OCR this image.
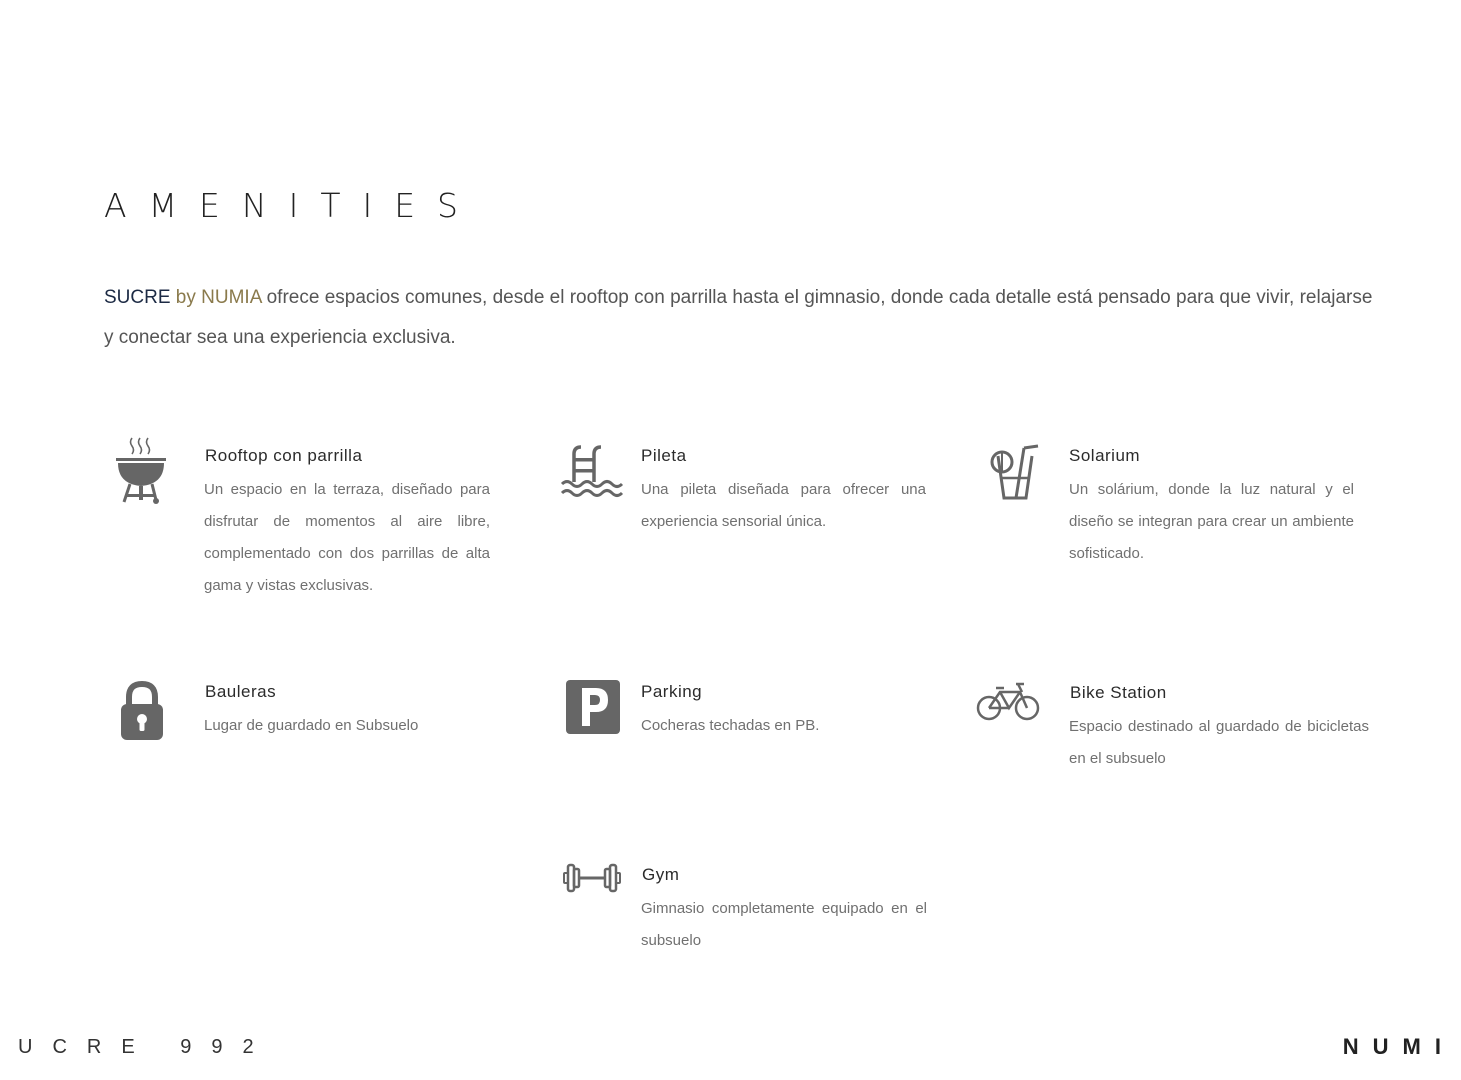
AMENITIES
SUCRE by NUMIA ofrece espacios comunes, desde el rooftop con parrilla hasta el gimnasio, donde cada detalle está pensado para que vivir, relajarse y conectar sea una experiencia exclusiva.
Rooftop con parrilla
Un espacio en la terraza, diseñado para disfrutar de momentos al aire libre, complementado con dos parrillas de alta gama y vistas exclusivas.
Pileta
Una pileta diseñada para ofrecer una experiencia sensorial única.
Solarium
Un solárium, donde la luz natural y el diseño se integran para crear un ambiente sofisticado.
Bauleras
Lugar de guardado en Subsuelo
Parking
Cocheras techadas en PB.
Bike Station
Espacio destinado al guardado de bicicletas en el subsuelo
Gym
Gimnasio completamente equipado en el subsuelo
UCRE 992	NUMI
